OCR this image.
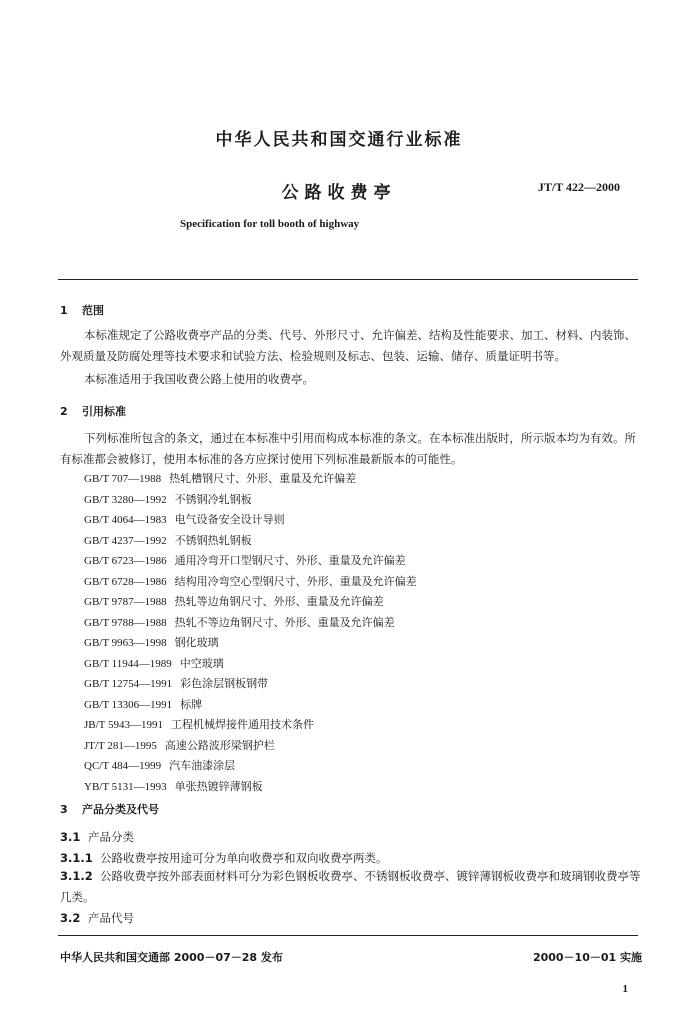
中华人民共和国交通行业标准
公路收费亭	JT/T 422—2000
Specification for toll booth of highway
1 范围
本标准规定了公路收费亭产品的分类、代号、外形尺寸、允许偏差、结构及性能要求、加工、材料、内装饰、外观质量及防腐处理等技术要求和试验方法、检验规则及标志、包装、运输、储存、质量证明书等。
本标准适用于我国收费公路上使用的收费亭。
2 引用标准
下列标准所包含的条文，通过在本标准中引用而构成本标准的条文。在本标准出版时，所示版本均为有效。所有标准都会被修订，使用本标准的各方应探讨使用下列标准最新版本的可能性。
GB/T 707—1988 热轧槽钢尺寸、外形、重量及允许偏差
GB/T 3280—1992 不锈钢冷轧钢板
GB/T 4064—1983 电气设备安全设计导则
GB/T 4237—1992 不锈钢热轧钢板
GB/T 6723—1986 通用冷弯开口型钢尺寸、外形、重量及允许偏差
GB/T 6728—1986 结构用冷弯空心型钢尺寸、外形、重量及允许偏差
GB/T 9787—1988 热轧等边角钢尺寸、外形、重量及允许偏差
GB/T 9788—1988 热轧不等边角钢尺寸、外形、重量及允许偏差
GB/T 9963—1998 钢化玻璃
GB/T 11944—1989 中空玻璃
GB/T 12754—1991 彩色涂层钢板钢带
GB/T 13306—1991 标牌
JB/T 5943—1991 工程机械焊接件通用技术条件
JT/T 281—1995 高速公路波形梁钢护栏
QC/T 484—1999 汽车油漆涂层
YB/T 5131—1993 单张热镀锌薄钢板
3 产品分类及代号
3.1 产品分类
3.1.1 公路收费亭按用途可分为单向收费亭和双向收费亭两类。
3.1.2 公路收费亭按外部表面材料可分为彩色钢板收费亭、不锈钢板收费亭、镀锌薄钢板收费亭和玻璃钢收费亭等几类。
3.2 产品代号
中华人民共和国交通部 2000－07－28 发布	2000－10－01 实施
1
